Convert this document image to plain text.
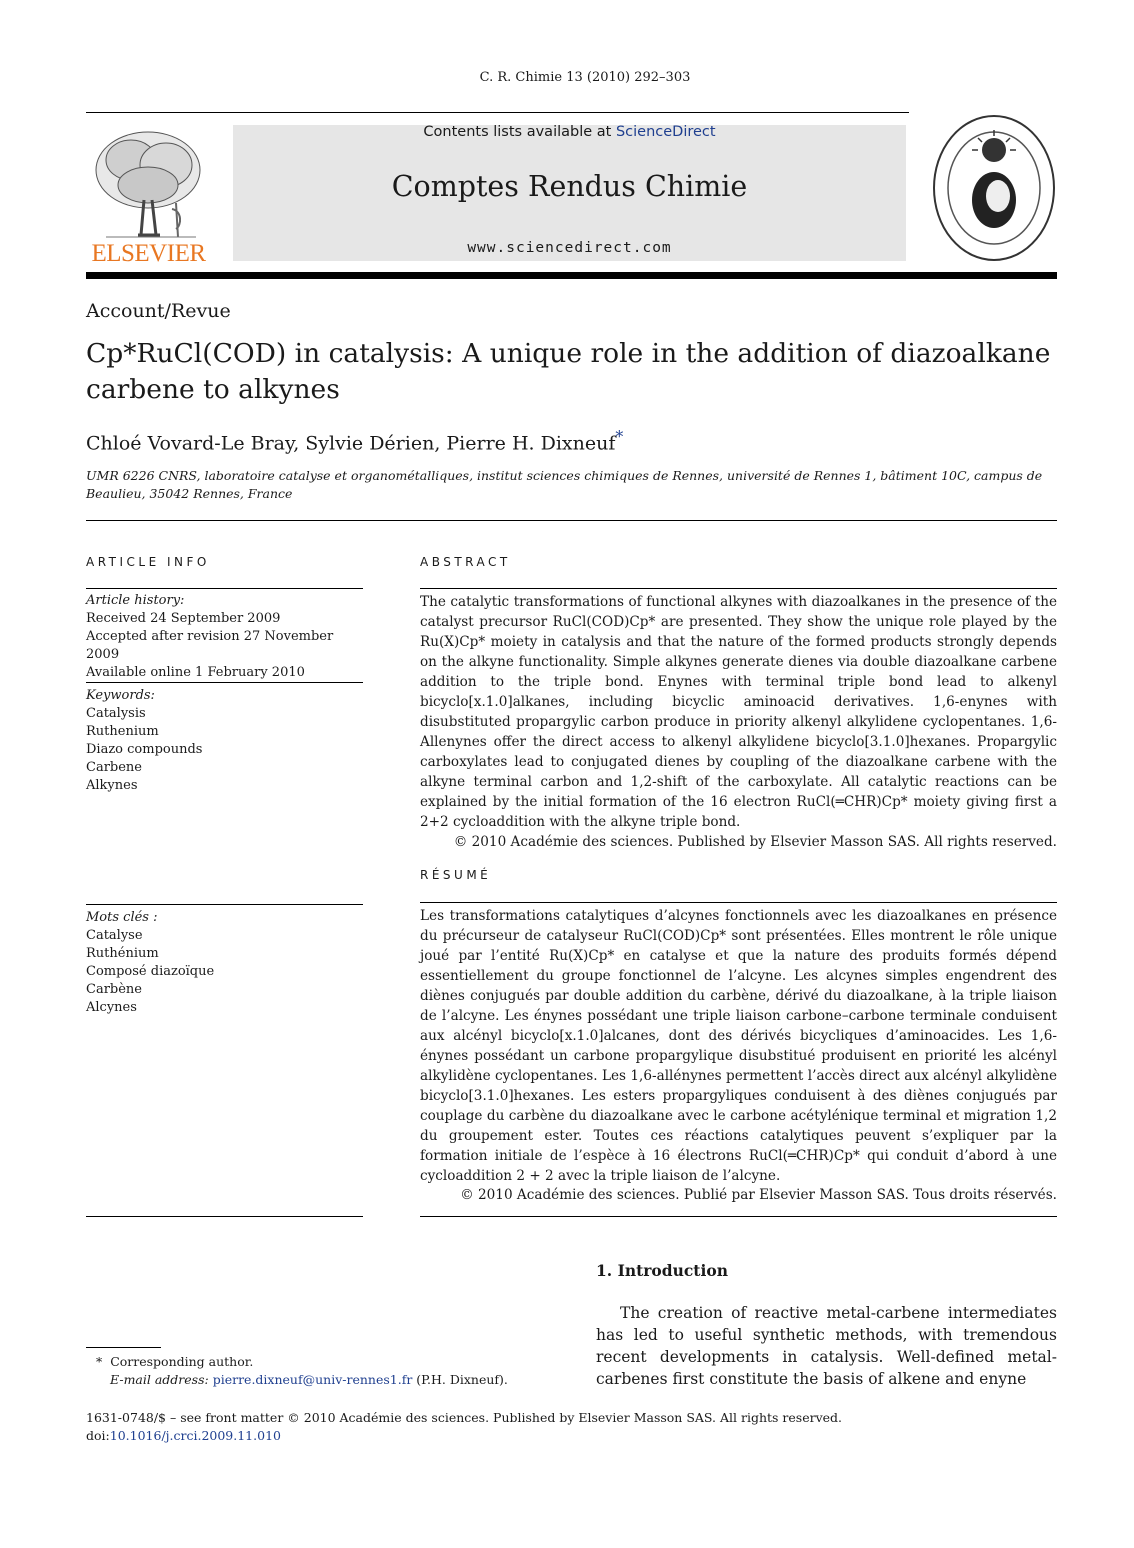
C. R. Chimie 13 (2010) 292–303
ELSEVIER
Contents lists available at ScienceDirect
Comptes Rendus Chimie
www.sciencedirect.com
Account/Revue
Cp*RuCl(COD) in catalysis: A unique role in the addition of diazoalkane carbene to alkynes
Chloé Vovard-Le Bray, Sylvie Dérien, Pierre H. Dixneuf*
UMR 6226 CNRS, laboratoire catalyse et organométalliques, institut sciences chimiques de Rennes, université de Rennes 1, bâtiment 10C, campus de Beaulieu, 35042 Rennes, France
ARTICLE INFO
Article history:
Received 24 September 2009
Accepted after revision 27 November 2009
Available online 1 February 2010
Keywords:
Catalysis
Ruthenium
Diazo compounds
Carbene
Alkynes
Mots clés :
Catalyse
Ruthénium
Composé diazoïque
Carbène
Alcynes
ABSTRACT
The catalytic transformations of functional alkynes with diazoalkanes in the presence of the catalyst precursor RuCl(COD)Cp* are presented. They show the unique role played by the Ru(X)Cp* moiety in catalysis and that the nature of the formed products strongly depends on the alkyne functionality. Simple alkynes generate dienes via double diazoalkane carbene addition to the triple bond. Enynes with terminal triple bond lead to alkenyl bicyclo[x.1.0]alkanes, including bicyclic aminoacid derivatives. 1,6-enynes with disubstituted propargylic carbon produce in priority alkenyl alkylidene cyclopentanes. 1,6-Allenynes offer the direct access to alkenyl alkylidene bicyclo[3.1.0]hexanes. Propargylic carboxylates lead to conjugated dienes by coupling of the diazoalkane carbene with the alkyne terminal carbon and 1,2-shift of the carboxylate. All catalytic reactions can be explained by the initial formation of the 16 electron RuCl(═CHR)Cp* moiety giving first a 2+2 cycloaddition with the alkyne triple bond.
© 2010 Académie des sciences. Published by Elsevier Masson SAS. All rights reserved.
RÉSUMÉ
Les transformations catalytiques d’alcynes fonctionnels avec les diazoalkanes en présence du précurseur de catalyseur RuCl(COD)Cp* sont présentées. Elles montrent le rôle unique joué par l’entité Ru(X)Cp* en catalyse et que la nature des produits formés dépend essentiellement du groupe fonctionnel de l’alcyne. Les alcynes simples engendrent des diènes conjugués par double addition du carbène, dérivé du diazoalkane, à la triple liaison de l’alcyne. Les énynes possédant une triple liaison carbone–carbone terminale conduisent aux alcényl bicyclo[x.1.0]alcanes, dont des dérivés bicycliques d’aminoacides. Les 1,6-énynes possédant un carbone propargylique disubstitué produisent en priorité les alcényl alkylidène cyclopentanes. Les 1,6-allénynes permettent l’accès direct aux alcényl alkylidène bicyclo[3.1.0]hexanes. Les esters propargyliques conduisent à des diènes conjugués par couplage du carbène du diazoalkane avec le carbone acétylénique terminal et migration 1,2 du groupement ester. Toutes ces réactions catalytiques peuvent s’expliquer par la formation initiale de l’espèce à 16 électrons RuCl(═CHR)Cp* qui conduit d’abord à une cycloaddition 2 + 2 avec la triple liaison de l’alcyne.
© 2010 Académie des sciences. Publié par Elsevier Masson SAS. Tous droits réservés.
1. Introduction
The creation of reactive metal-carbene intermediates has led to useful synthetic methods, with tremendous recent developments in catalysis. Well-defined metal-carbenes first constitute the basis of alkene and enyne
* Corresponding author.
E-mail address: pierre.dixneuf@univ-rennes1.fr (P.H. Dixneuf).
1631-0748/$ – see front matter © 2010 Académie des sciences. Published by Elsevier Masson SAS. All rights reserved.
doi:10.1016/j.crci.2009.11.010
